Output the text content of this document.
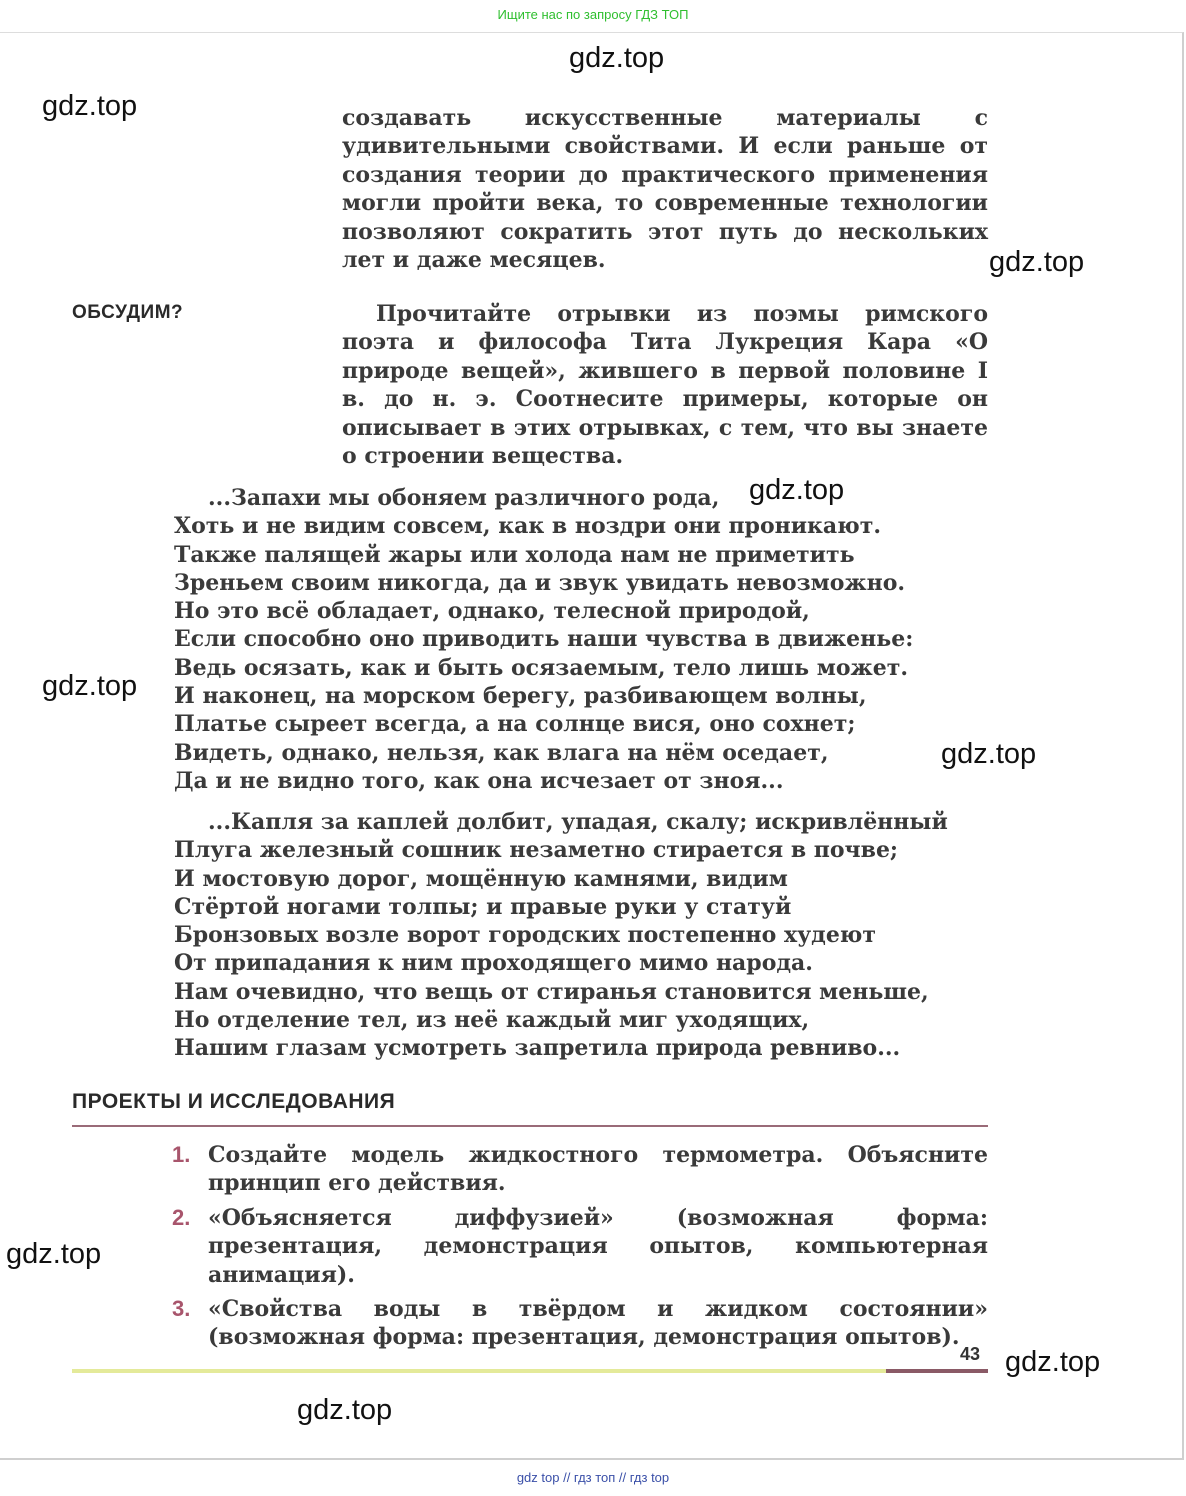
Ищите нас по запросу ГДЗ ТОП
gdz.top
gdz.top
gdz.top
gdz.top
gdz.top
gdz.top
gdz.top
gdz.top
gdz.top

создавать искусственные материалы с удивительными свойствами. И если раньше от создания теории до практического применения могли пройти века, то современные технологии позволяют сократить этот путь до нескольких лет и даже месяцев.

ОБСУДИМ?	Прочитайте отрывки из поэмы римского поэта и философа Тита Лукреция Кара «О природе вещей», жившего в первой половине I в. до н. э. Соотнесите примеры, которые он описывает в этих отрывках, с тем, что вы знаете о строении вещества.

...Запахи мы обоняем различного рода,
Хоть и не видим совсем, как в ноздри они проникают.
Также палящей жары или холода нам не приметить
Зреньем своим никогда, да и звук увидать невозможно.
Но это всё обладает, однако, телесной природой,
Если способно оно приводить наши чувства в движенье:
Ведь осязать, как и быть осязаемым, тело лишь может.
И наконец, на морском берегу, разбивающем волны,
Платье сыреет всегда, а на солнце вися, оно сохнет;
Видеть, однако, нельзя, как влага на нём оседает,
Да и не видно того, как она исчезает от зноя...
...Капля за каплей долбит, упадая, скалу; искривлённый
Плуга железный сошник незаметно стирается в почве;
И мостовую дорог, мощённую камнями, видим
Стёртой ногами толпы; и правые руки у статуй
Бронзовых возле ворот городских постепенно худеют
От припадания к ним проходящего мимо народа.
Нам очевидно, что вещь от стиранья становится меньше,
Но отделение тел, из неё каждый миг уходящих,
Нашим глазам усмотреть запретила природа ревниво...
ПРОЕКТЫ И ИССЛЕДОВАНИЯ
1. Создайте модель жидкостного термометра. Объясните принцип его действия.
2. «Объясняется диффузией» (возможная форма: презентация, демонстрация опытов, компьютерная анимация).
3. «Свойства воды в твёрдом и жидком состоянии» (возможная форма: презентация, демонстрация опытов).
43
gdz top // гдз топ // гдз top
